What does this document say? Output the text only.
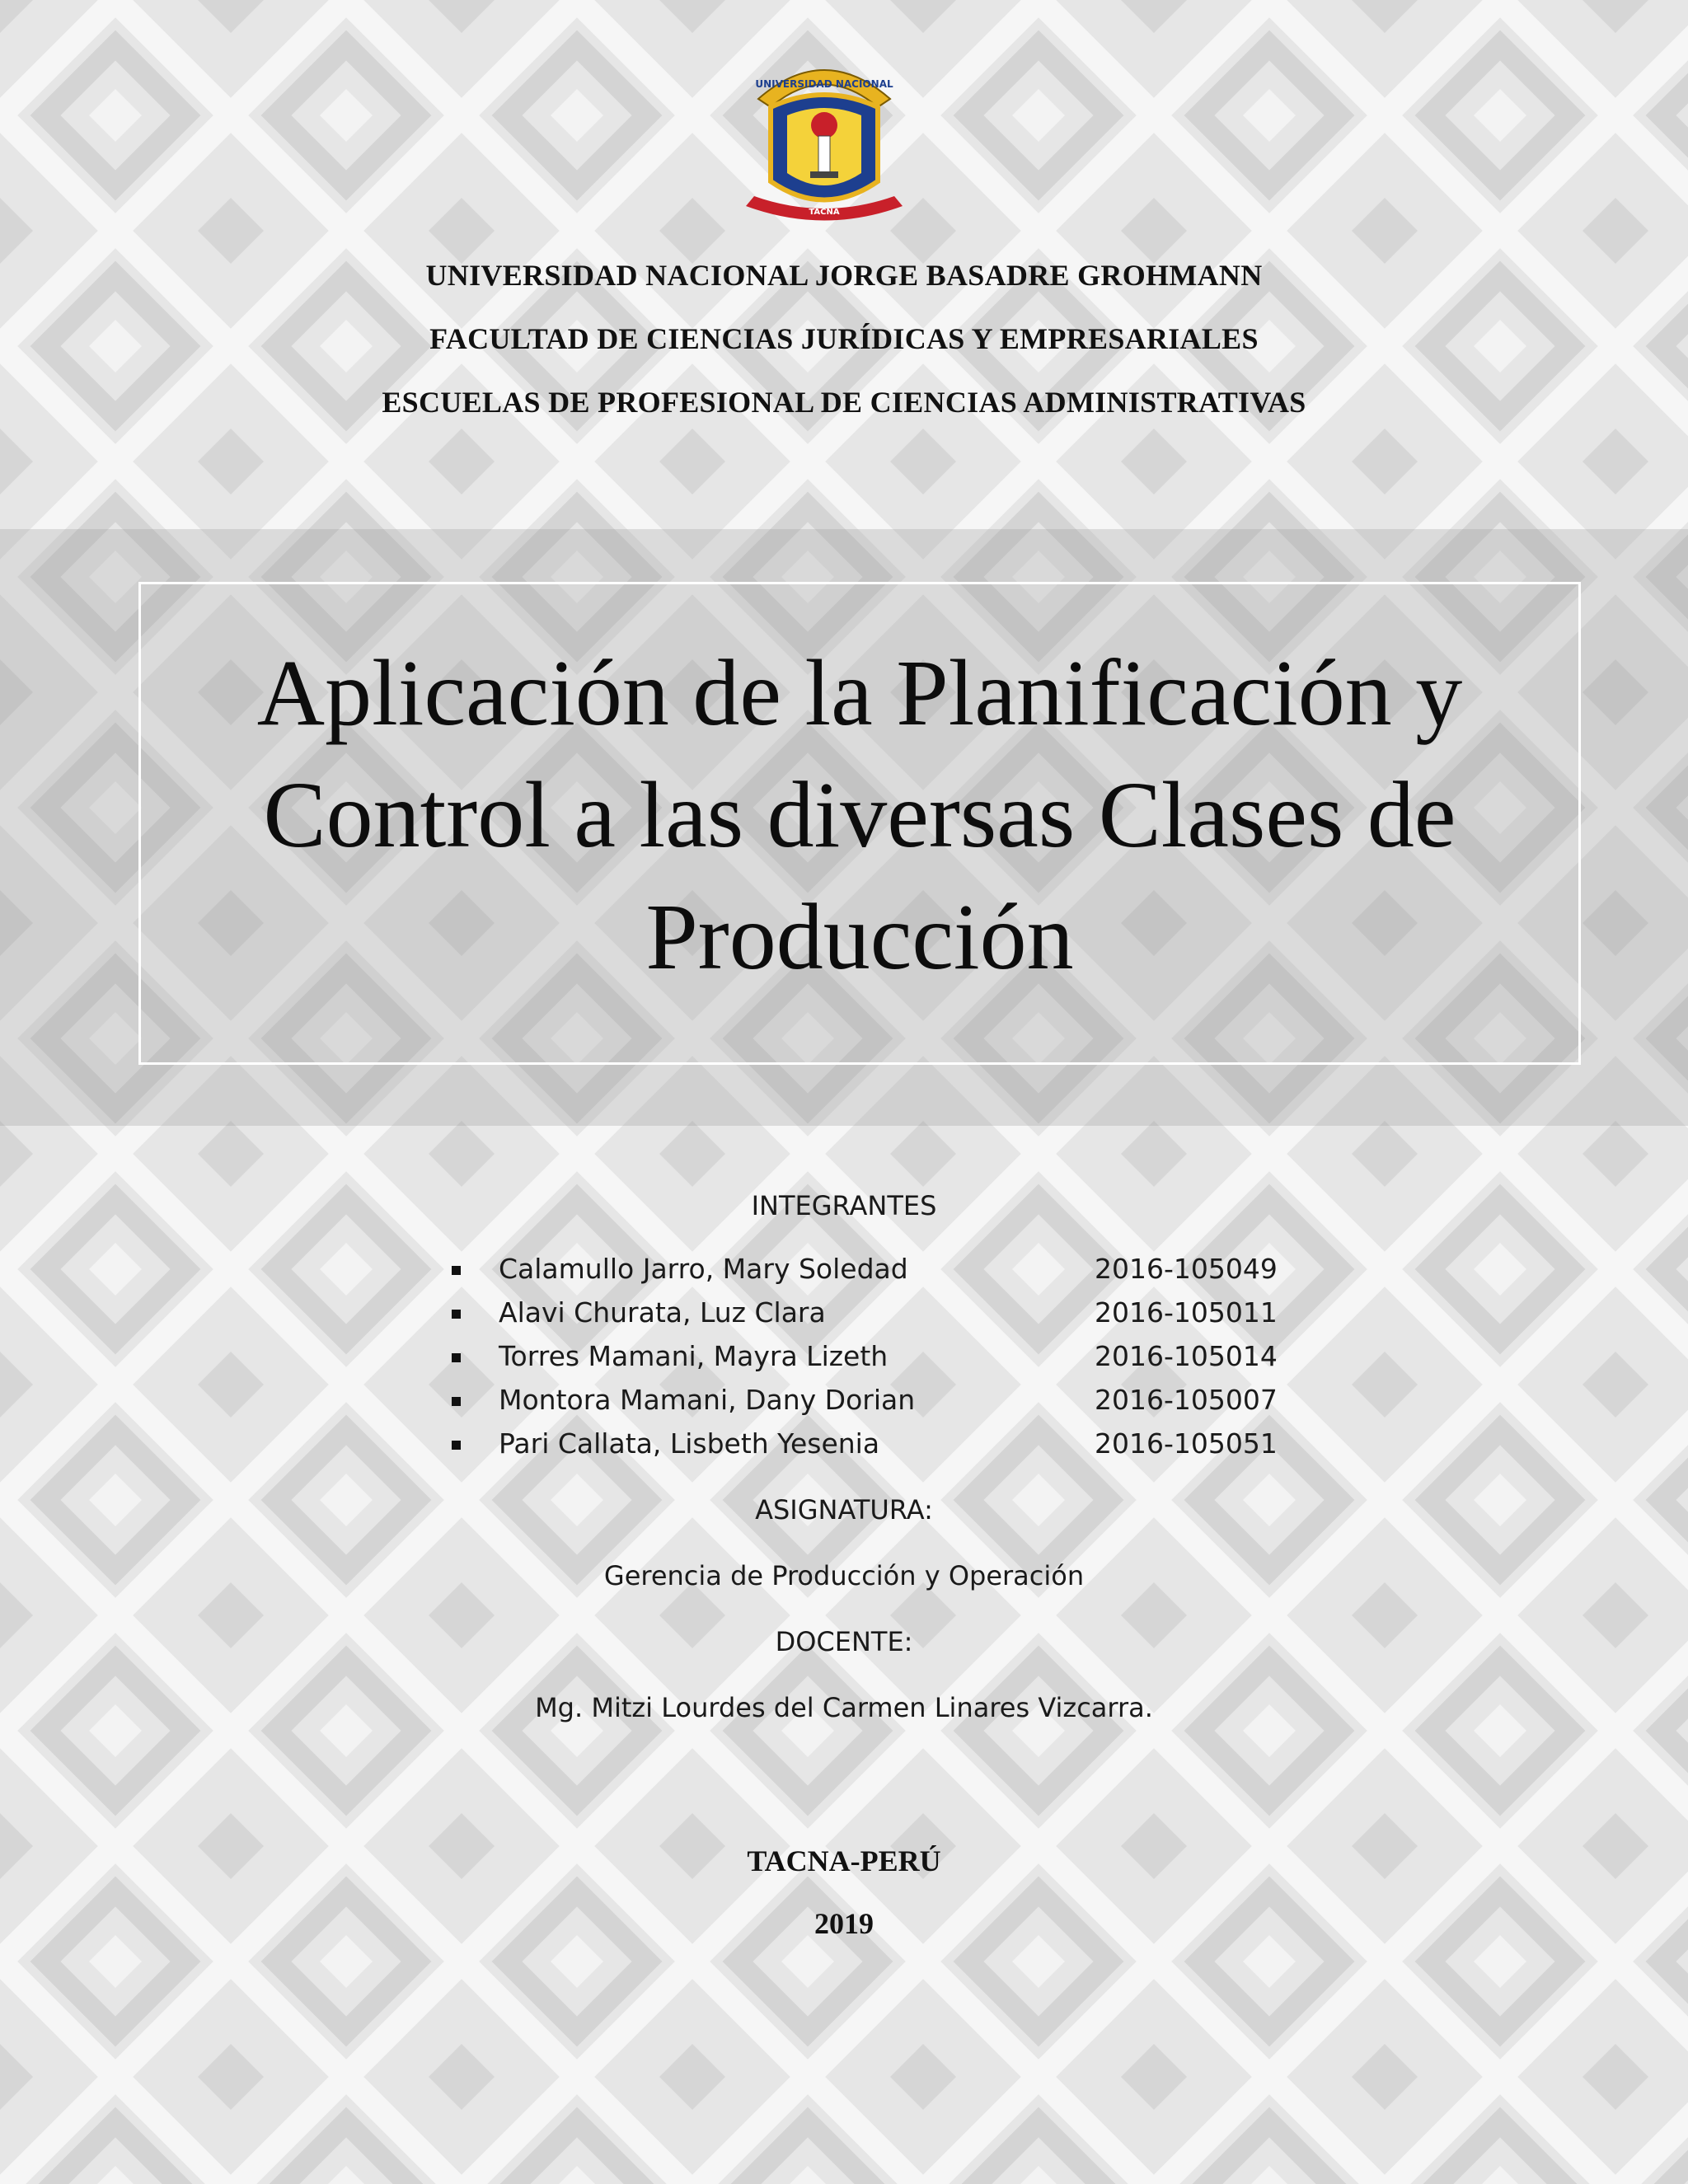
UNIVERSIDAD NACIONAL
TACNA
UNIVERSIDAD NACIONAL JORGE BASADRE GROHMANN
FACULTAD DE CIENCIAS JURÍDICAS Y EMPRESARIALES
ESCUELAS DE PROFESIONAL DE CIENCIAS ADMINISTRATIVAS
Aplicación de la Planificación y
Control a las diversas Clases de
Producción
INTEGRANTES
Calamullo Jarro, Mary Soledad	2016-105049
Alavi Churata, Luz Clara	2016-105011
Torres Mamani, Mayra Lizeth	2016-105014
Montora Mamani, Dany Dorian	2016-105007
Pari Callata, Lisbeth Yesenia	2016-105051
ASIGNATURA:
Gerencia de Producción y Operación
DOCENTE:
Mg. Mitzi Lourdes del Carmen Linares Vizcarra.
TACNA-PERÚ
2019
